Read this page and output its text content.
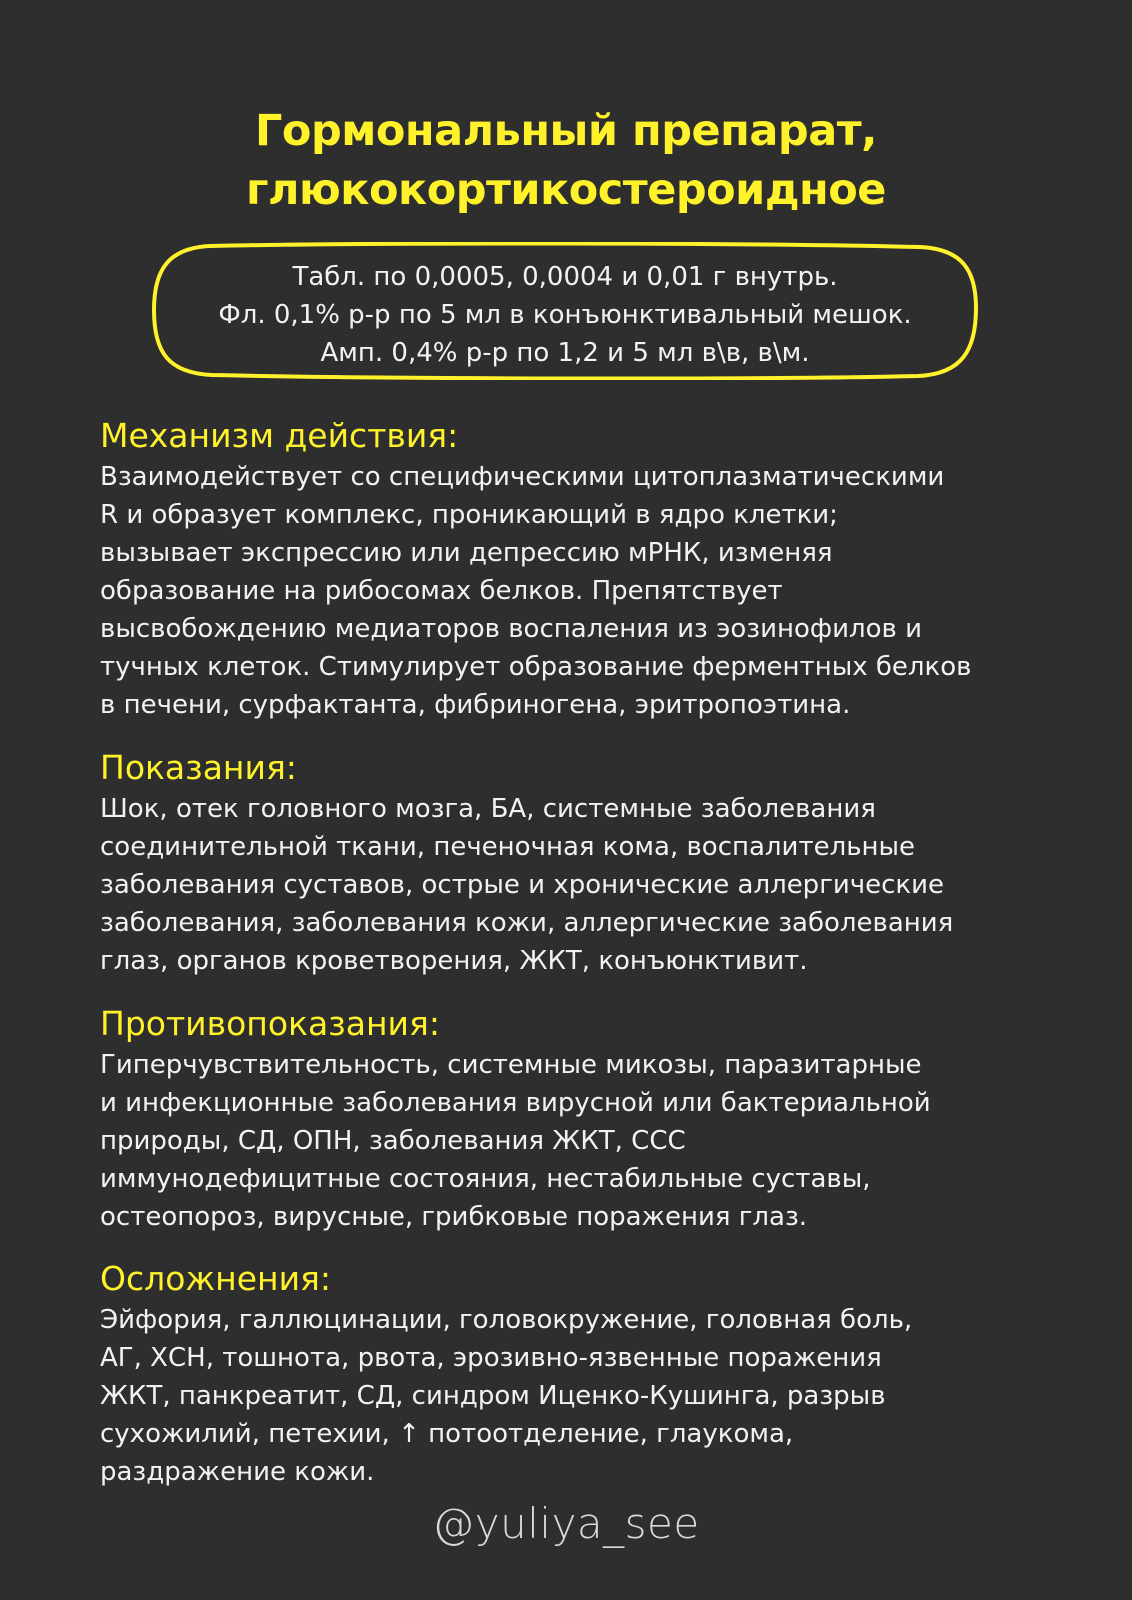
Гормональный препарат,
глюкокортикостероидное
Табл. по 0,0005, 0,0004 и 0,01 г внутрь.
Фл. 0,1% р-р по 5 мл в конъюнктивальный мешок.
Амп. 0,4% р-р по 1,2 и 5 мл в\в, в\м.
Механизм действия:
Взаимодействует со специфическими цитоплазматическими
R и образует комплекс, проникающий в ядро клетки;
вызывает экспрессию или депрессию мРНК, изменяя
образование на рибосомах белков. Препятствует
высвобождению медиаторов воспаления из эозинофилов и
тучных клеток. Стимулирует образование ферментных белков
в печени, сурфактанта, фибриногена, эритропоэтина.
Показания:
Шок, отек головного мозга, БА, системные заболевания
соединительной ткани, печеночная кома, воспалительные
заболевания суставов, острые и хронические аллергические
заболевания, заболевания кожи, аллергические заболевания
глаз, органов кроветворения, ЖКТ, конъюнктивит.
Противопоказания:
Гиперчувствительность, системные микозы, паразитарные
и инфекционные заболевания вирусной или бактериальной
природы, СД, ОПН, заболевания ЖКТ, ССС
иммунодефицитные состояния, нестабильные суставы,
остеопороз, вирусные, грибковые поражения глаз.
Осложнения:
Эйфория, галлюцинации, головокружение, головная боль,
АГ, ХСН, тошнота, рвота, эрозивно-язвенные поражения
ЖКТ, панкреатит, СД, синдром Иценко-Кушинга, разрыв
сухожилий, петехии, ↑ потоотделение, глаукома,
раздражение кожи.
@yuliya_see
